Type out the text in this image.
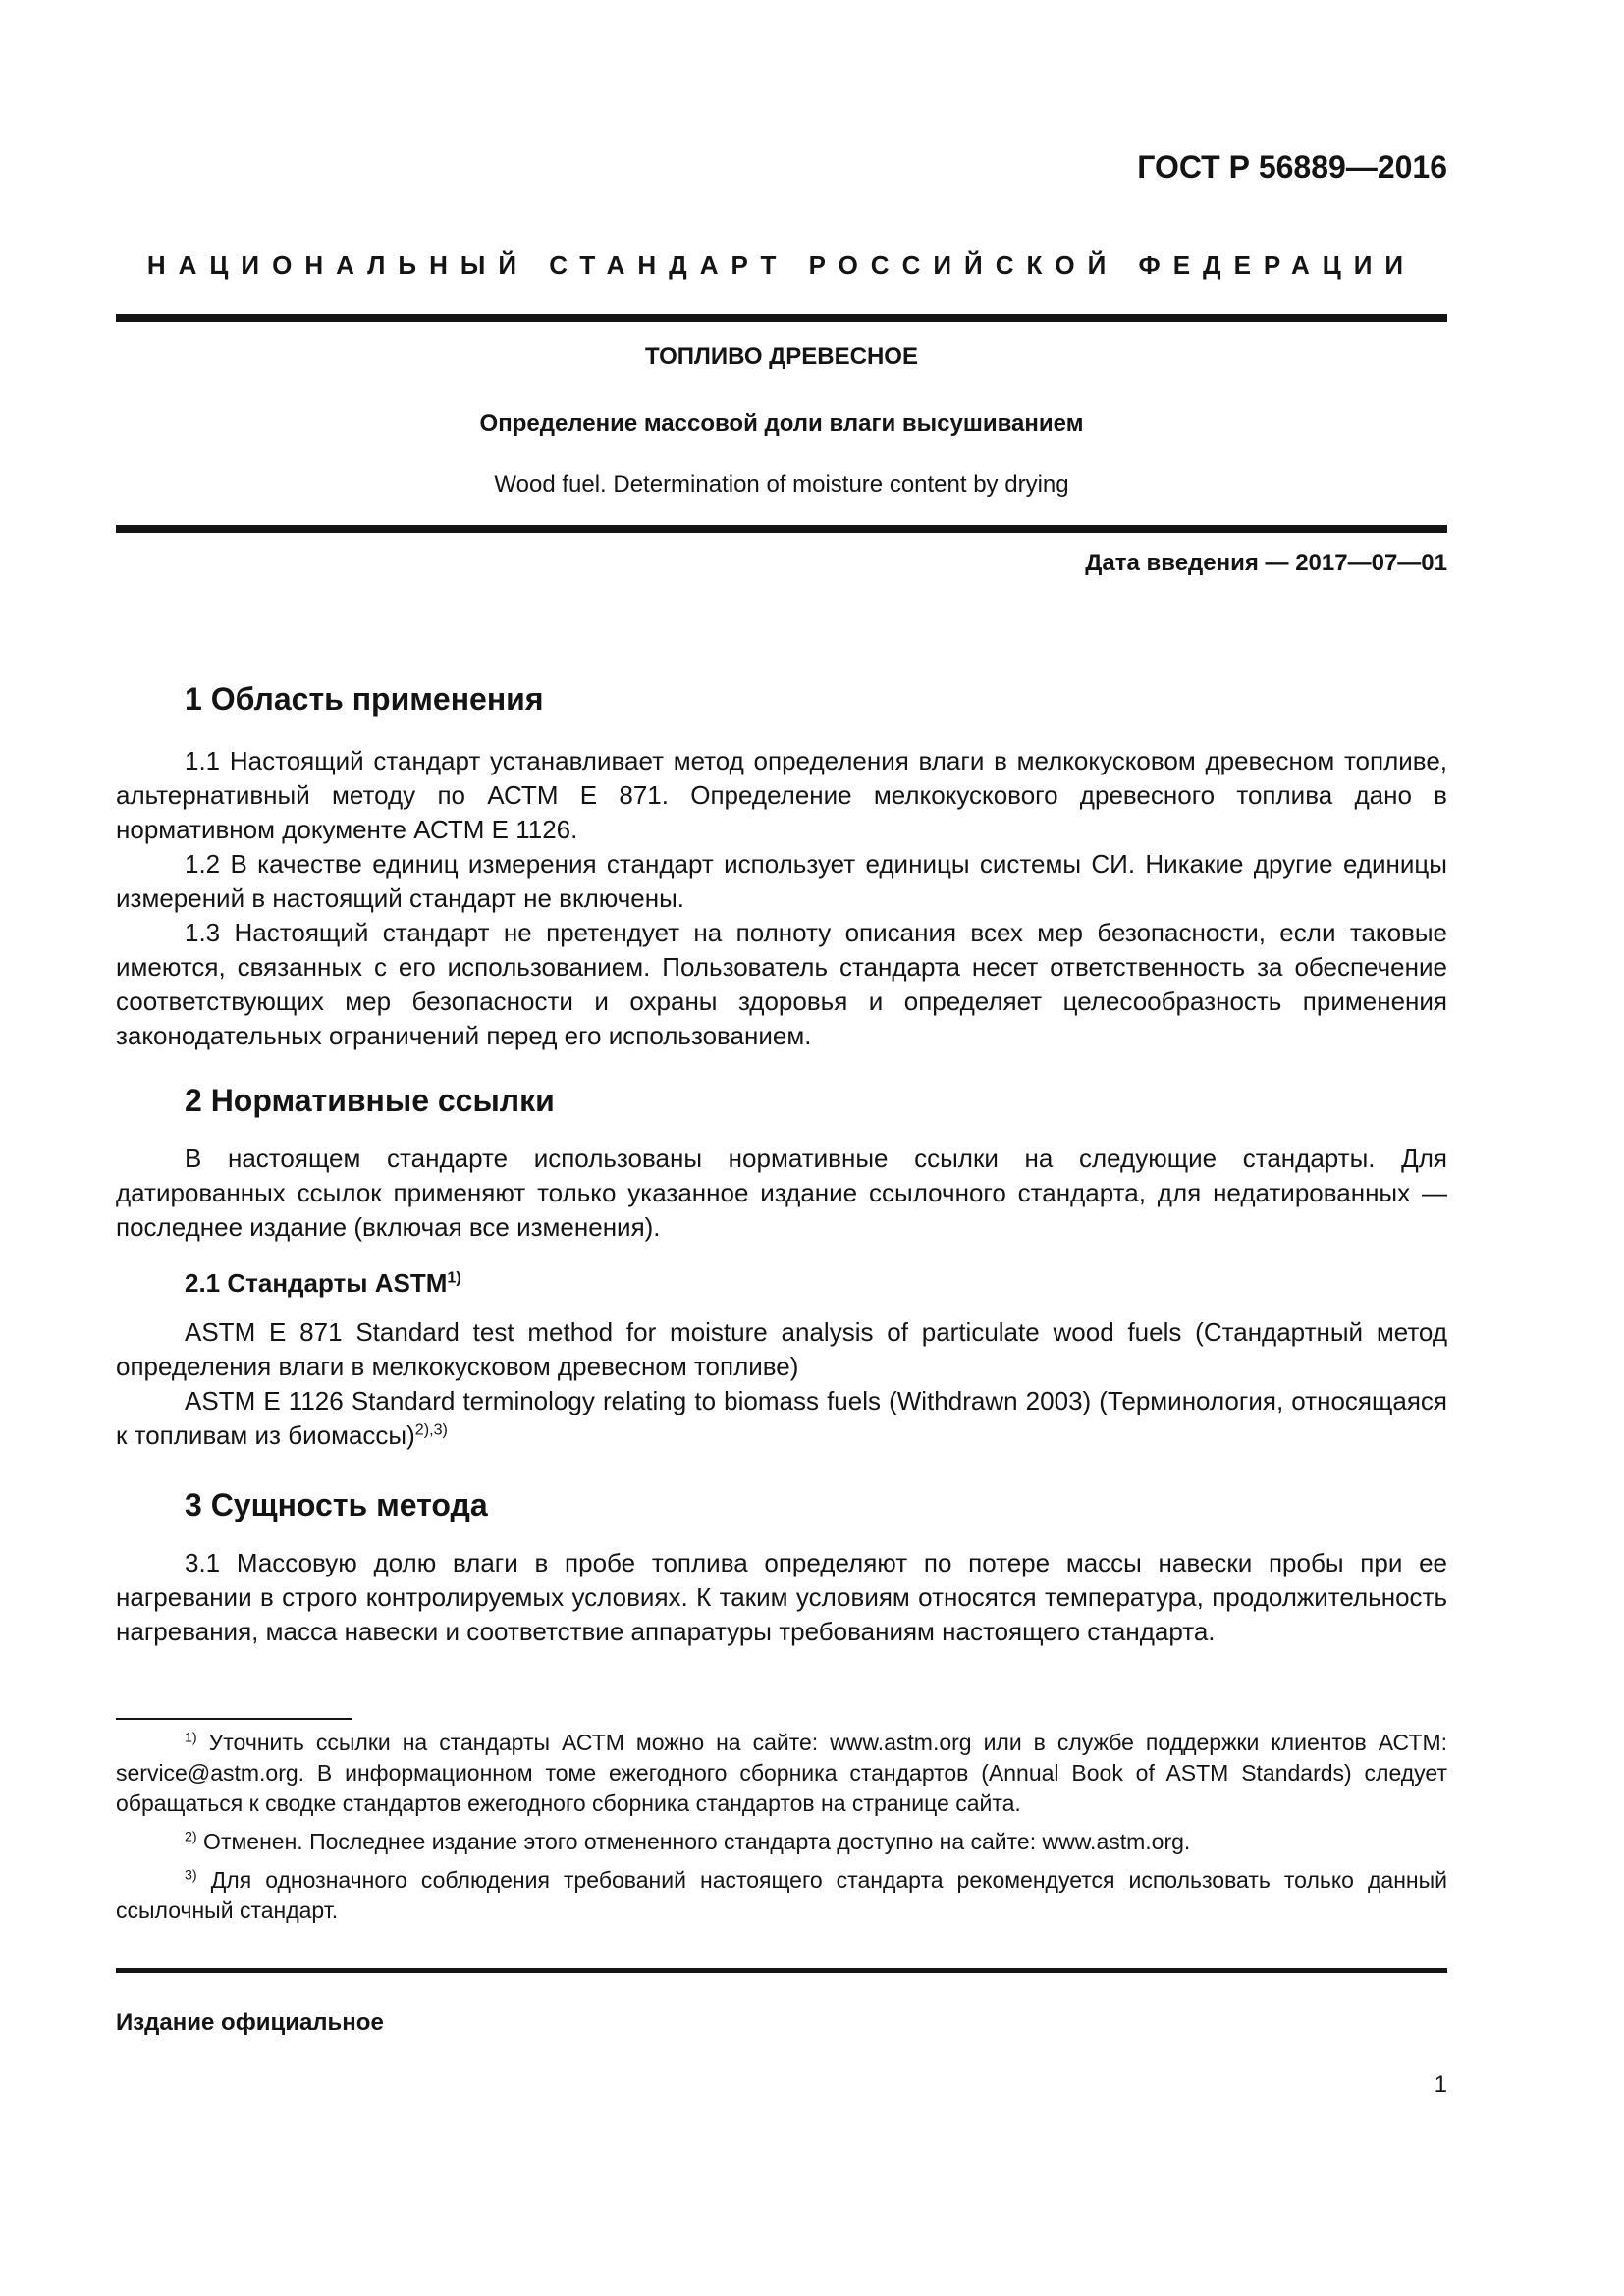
ГОСТ Р 56889—2016
НАЦИОНАЛЬНЫЙ СТАНДАРТ РОССИЙСКОЙ ФЕДЕРАЦИИ
ТОПЛИВО ДРЕВЕСНОЕ
Определение массовой доли влаги высушиванием
Wood fuel. Determination of moisture content by drying
Дата введения — 2017—07—01
1 Область применения

1.1 Настоящий стандарт устанавливает метод определения влаги в мелкокусковом древесном топливе, альтернативный методу по АСТМ Е 871. Определение мелкокускового древесного топлива дано в нормативном документе АСТМ Е 1126.

1.2 В качестве единиц измерения стандарт использует единицы системы СИ. Никакие другие единицы измерений в настоящий стандарт не включены.

1.3 Настоящий стандарт не претендует на полноту описания всех мер безопасности, если таковые имеются, связанных с его использованием. Пользователь стандарта несет ответственность за обеспечение соответствующих мер безопасности и охраны здоровья и определяет целесообразность применения законодательных ограничений перед его использованием.

2 Нормативные ссылки

В настоящем стандарте использованы нормативные ссылки на следующие стандарты. Для датированных ссылок применяют только указанное издание ссылочного стандарта, для недатированных — последнее издание (включая все изменения).

2.1 Стандарты ASTM$^{1)}$

ASTM E 871 Standard test method for moisture analysis of particulate wood fuels (Стандартный метод определения влаги в мелкокусковом древесном топливе)

ASTM E 1126 Standard terminology relating to biomass fuels (Withdrawn 2003) (Терминология, относящаяся к топливам из биомассы)$^{2),3)}$

3 Сущность метода

3.1 Массовую долю влаги в пробе топлива определяют по потере массы навески пробы при ее нагревании в строго контролируемых условиях. К таким условиям относятся температура, продолжительность нагревания, масса навески и соответствие аппаратуры требованиям настоящего стандарта.

$^{1)}$ Уточнить ссылки на стандарты АСТМ можно на сайте: www.astm.org или в службе поддержки клиентов АСТМ: service@astm.org. В информационном томе ежегодного сборника стандартов (Annual Book of ASTM Standards) следует обращаться к сводке стандартов ежегодного сборника стандартов на странице сайта.

$^{2)}$ Отменен. Последнее издание этого отмененного стандарта доступно на сайте: www.astm.org.

$^{3)}$ Для однозначного соблюдения требований настоящего стандарта рекомендуется использовать только данный ссылочный стандарт.

Издание официальное
1
